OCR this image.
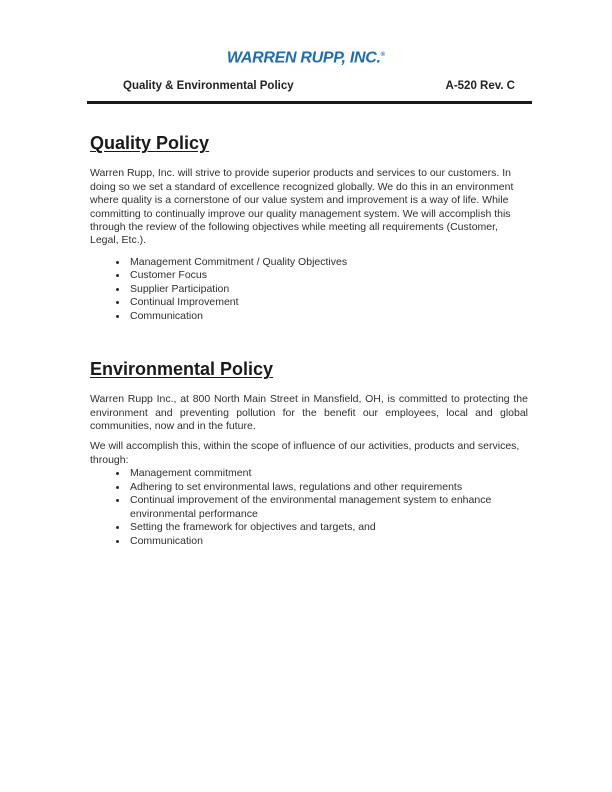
WARREN RUPP, INC.®
Quality & Environmental Policy	A-520 Rev. C
Quality Policy

Warren Rupp, Inc. will strive to provide superior products and services to our customers. In doing so we set a standard of excellence recognized globally. We do this in an environment where quality is a cornerstone of our value system and improvement is a way of life. While committing to continually improve our quality management system. We will accomplish this through the review of the following objectives while meeting all requirements (Customer, Legal, Etc.).

• Management Commitment / Quality Objectives
• Customer Focus
• Supplier Participation
• Continual Improvement
• Communication
Environmental Policy

Warren Rupp Inc., at 800 North Main Street in Mansfield, OH, is committed to protecting the environment and preventing pollution for the benefit our employees, local and global communities, now and in the future.

We will accomplish this, within the scope of influence of our activities, products and services, through:

• Management commitment
• Adhering to set environmental laws, regulations and other requirements
• Continual improvement of the environmental management system to enhance environmental performance
• Setting the framework for objectives and targets, and
• Communication
